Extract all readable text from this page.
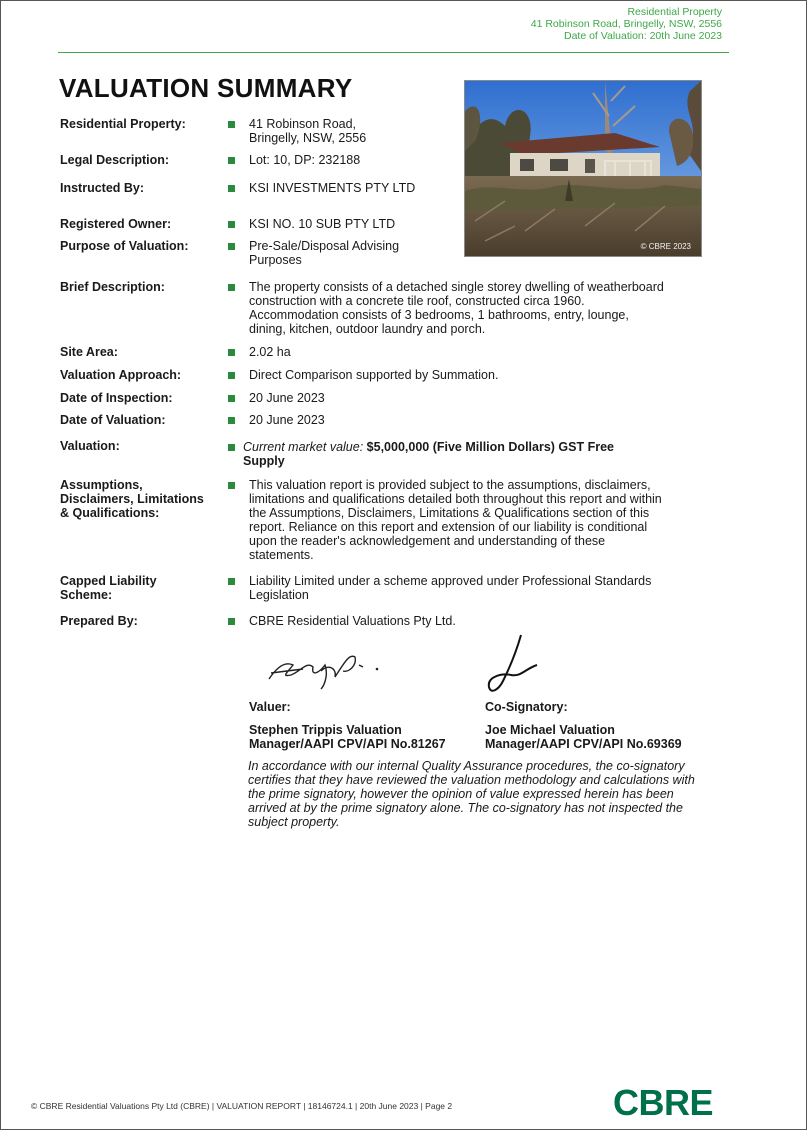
Residential Property
41 Robinson Road, Bringelly, NSW, 2556
Date of Valuation: 20th June 2023
VALUATION SUMMARY
© CBRE 2023
Residential Property:	41 Robinson Road,
Bringelly, NSW, 2556
Legal Description:	Lot: 10, DP: 232188
Instructed By:	KSI INVESTMENTS PTY LTD
Registered Owner:	KSI NO. 10 SUB PTY LTD
Purpose of Valuation:	Pre-Sale/Disposal Advising
Purposes
Brief Description:	The property consists of a detached single storey dwelling of weatherboard
construction with a concrete tile roof, constructed circa 1960.
Accommodation consists of 3 bedrooms, 1 bathrooms, entry, lounge,
dining, kitchen, outdoor laundry and porch.
Site Area:	2.02 ha
Valuation Approach:	Direct Comparison supported by Summation.
Date of Inspection:	20 June 2023
Date of Valuation:	20 June 2023
Valuation:	Current market value: $5,000,000 (Five Million Dollars) GST Free
Supply
Assumptions,
Disclaimers, Limitations
& Qualifications:
This valuation report is provided subject to the assumptions, disclaimers,
limitations and qualifications detailed both throughout this report and within
the Assumptions, Disclaimers, Limitations & Qualifications section of this
report. Reliance on this report and extension of our liability is conditional
upon the reader's acknowledgement and understanding of these
statements.
Capped Liability
Scheme:
Liability Limited under a scheme approved under Professional Standards
Legislation
Prepared By:	CBRE Residential Valuations Pty Ltd.
Valuer:
Stephen Trippis Valuation
Manager/AAPI CPV/API No.81267
Co-Signatory:
Joe Michael Valuation
Manager/AAPI CPV/API No.69369
In accordance with our internal Quality Assurance procedures, the co-signatory certifies that they have reviewed the valuation methodology and calculations with the prime signatory, however the opinion of value expressed herein has been arrived at by the prime signatory alone. The co-signatory has not inspected the subject property.
© CBRE Residential Valuations Pty Ltd (CBRE) | VALUATION REPORT | 18146724.1 | 20th June 2023 | Page 2	CBRE
